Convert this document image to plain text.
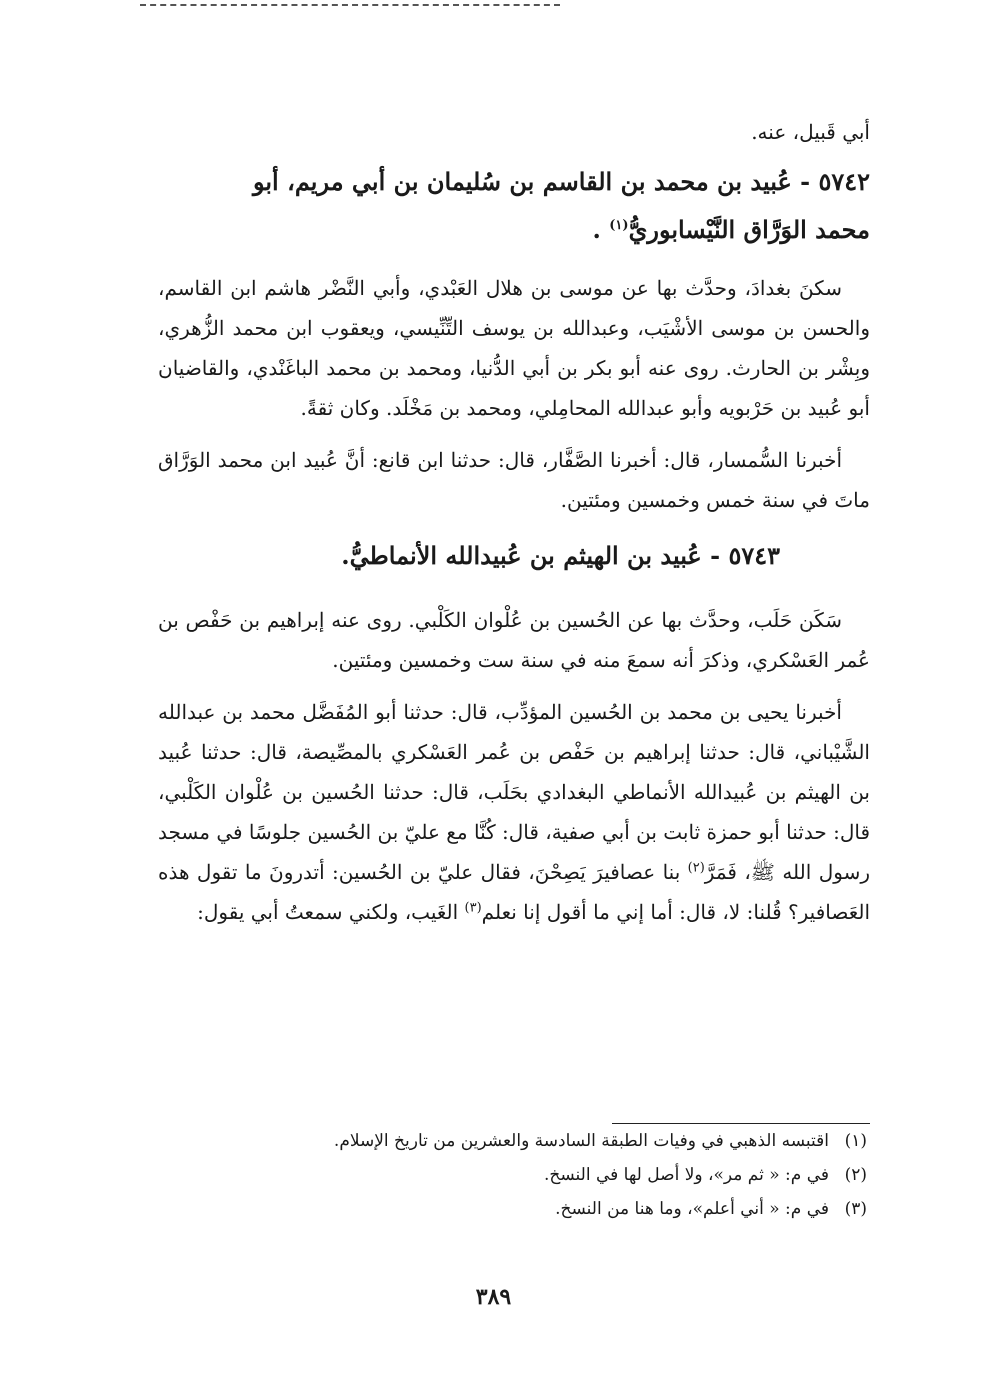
أبي قَبيل، عنه.

٥٧٤٢ - عُبيد بن محمد بن القاسم بن سُليمان بن أبي مريم، أبو
محمد الوَرَّاق النَّيْسابوريُّ$^{(١)}$ .

سكنَ بغدادَ، وحدَّث بها عن موسى بن هلال العَبْدي، وأبي النَّضْر هاشم ابن القاسم، والحسن بن موسى الأشْيَب، وعبدالله بن يوسف التِّنِّيسي، ويعقوب ابن محمد الزُّهري، وبِشْر بن الحارث. روى عنه أبو بكر بن أبي الدُّنيا، ومحمد بن محمد الباغَنْدي، والقاضيان أبو عُبيد بن حَرْبويه وأبو عبدالله المحامِلي، ومحمد بن مَخْلَد. وكان ثقةً.

أخبرنا السُّمسار، قال: أخبرنا الصَّفَّار، قال: حدثنا ابن قانع: أنَّ عُبيد ابن محمد الوَرَّاق ماتَ في سنة خمس وخمسين ومئتين.

٥٧٤٣ - عُبيد بن الهيثم بن عُبيدالله الأنماطيُّ.

سَكَن حَلَب، وحدَّث بها عن الحُسين بن عُلْوان الكَلْبي. روى عنه إبراهيم بن حَفْص بن عُمر العَسْكري، وذكرَ أنه سمعَ منه في سنة ست وخمسين ومئتين.

أخبرنا يحيى بن محمد بن الحُسين المؤدِّب، قال: حدثنا أبو المُفَضَّل محمد بن عبدالله الشَّيْباني، قال: حدثنا إبراهيم بن حَفْص بن عُمر العَسْكري بالمصِّيصة، قال: حدثنا عُبيد بن الهيثم بن عُبيدالله الأنماطي البغدادي بحَلَب، قال: حدثنا الحُسين بن عُلْوان الكَلْبي، قال: حدثنا أبو حمزة ثابت بن أبي صفية، قال: كُنَّا مع عليّ بن الحُسين جلوسًا في مسجد رسول الله ﷺ، فَمَرَّ$^{(٢)}$ بنا عصافيرَ يَصِحْنَ، فقال عليّ بن الحُسين: أتدرونَ ما تقول هذه العَصافير؟ قُلنا: لا، قال: أما إني ما أقول إنا نعلم$^{(٣)}$ الغَيب، ولكني سمعتُ أبي يقول:

(١)اقتبسه الذهبي في وفيات الطبقة السادسة والعشرين من تاريخ الإسلام.

(٢)في م: « ثم مر»، ولا أصل لها في النسخ.

(٣)في م: « أني أعلم»، وما هنا من النسخ.

٣٨٩
